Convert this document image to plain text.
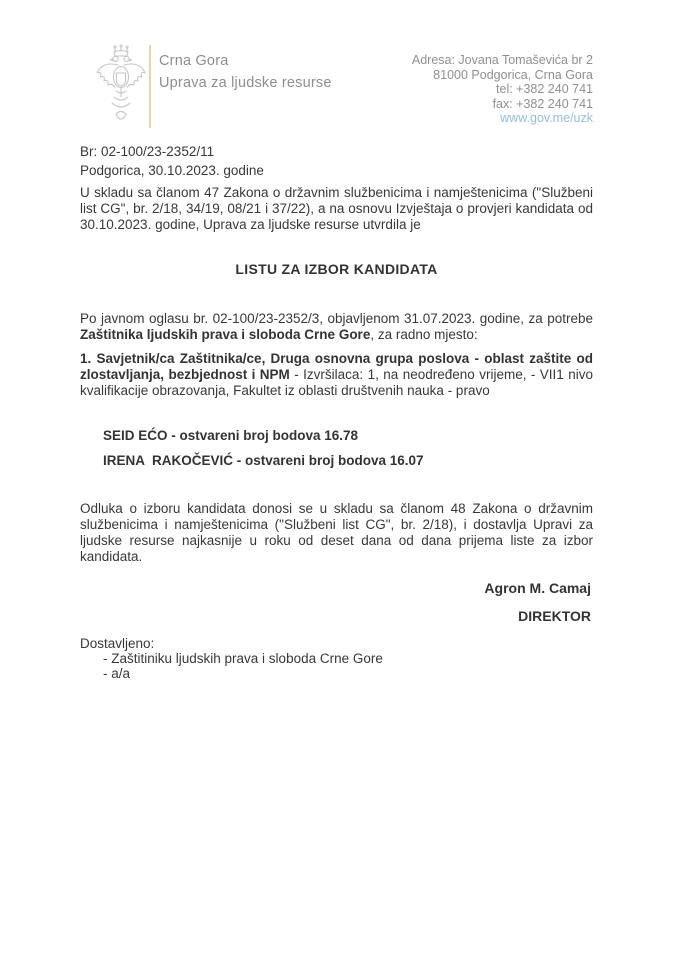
Crna Gora
Uprava za ljudske resurse
Adresa: Jovana Tomaševića br 2
81000 Podgorica, Crna Gora
tel: +382 240 741
fax: +382 240 741
www.gov.me/uzk
Br: 02-100/23-2352/11
Podgorica, 30.10.2023. godine
U skladu sa članom 47 Zakona o državnim službenicima i namještenicima ("Službeni list CG", br. 2/18, 34/19, 08/21 i 37/22), a na osnovu Izvještaja o provjeri kandidata od 30.10.2023. godine, Uprava za ljudske resurse utvrdila je
LISTU ZA IZBOR KANDIDATA
Po javnom oglasu br. 02-100/23-2352/3, objavljenom 31.07.2023. godine, za potrebe Zaštitnika ljudskih prava i sloboda Crne Gore, za radno mjesto:
1. Savjetnik/ca Zaštitnika/ce, Druga osnovna grupa poslova - oblast zaštite od zlostavljanja, bezbjednost i NPM - Izvršilaca: 1, na neodređeno vrijeme, - VII1 nivo kvalifikacije obrazovanja, Fakultet iz oblasti društvenih nauka - pravo
SEID EĆO - ostvareni broj bodova 16.78
IRENA  RAKOČEVIĆ - ostvareni broj bodova 16.07
Odluka o izboru kandidata donosi se u skladu sa članom 48 Zakona o državnim službenicima i namještenicima ("Službeni list CG", br. 2/18), i dostavlja Upravi za ljudske resurse najkasnije u roku od deset dana od dana prijema liste za izbor kandidata.
Agron M. Camaj
DIREKTOR
Dostavljeno:
- Zaštitiniku ljudskih prava i sloboda Crne Gore
- a/a
